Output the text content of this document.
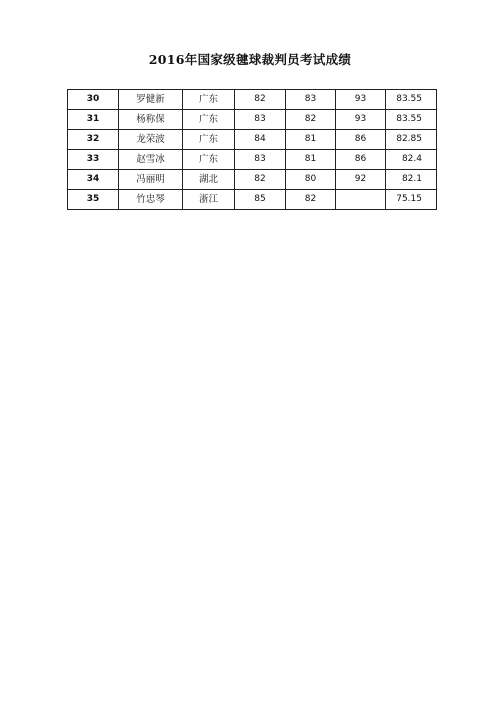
2016年国家级毽球裁判员考试成绩
30	罗健新	广东	82	83	93	83.55
31	杨称保	广东	83	82	93	83.55
32	龙荣波	广东	84	81	86	82.85
33	赵雪冰	广东	83	81	86	82.4
34	冯丽明	湖北	82	80	92	82.1
35	竹忠琴	浙江	85	82		75.15
